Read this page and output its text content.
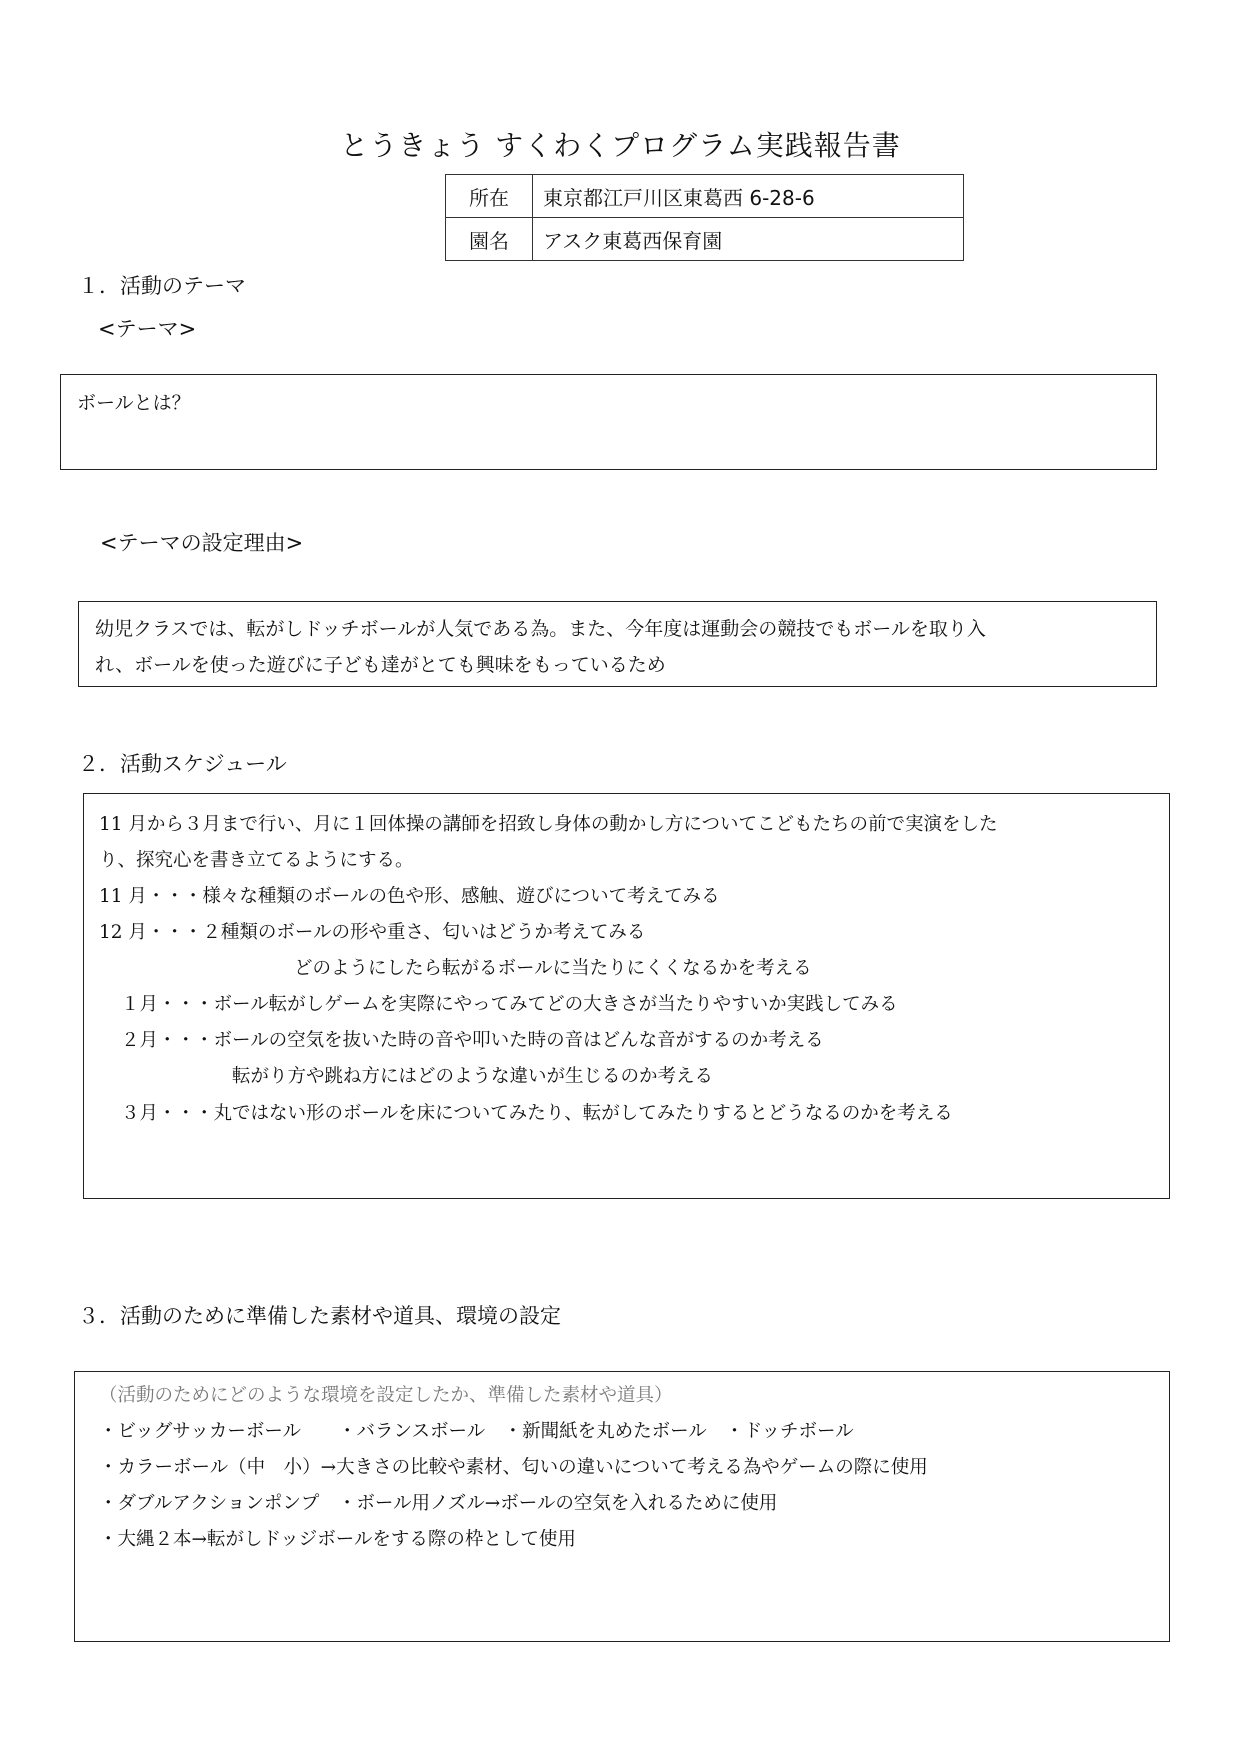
とうきょう すくわくプログラム実践報告書
所在	東京都江戸川区東葛西 6-28-6
園名	アスク東葛西保育園
１．活動のテーマ
<テーマ>
ボールとは？
<テーマの設定理由>
幼児クラスでは、転がしドッチボールが人気である為。また、今年度は運動会の競技でもボールを取り入
れ、ボールを使った遊びに子ども達がとても興味をもっているため
２．活動スケジュール
11 月から３月まで行い、月に１回体操の講師を招致し身体の動かし方についてこどもたちの前で実演をした
り、探究心を書き立てるようにする。
11 月・・・様々な種類のボールの色や形、感触、遊びについて考えてみる
12 月・・・２種類のボールの形や重さ、匂いはどうか考えてみる
どのようにしたら転がるボールに当たりにくくなるかを考える
１月・・・ボール転がしゲームを実際にやってみてどの大きさが当たりやすいか実践してみる
２月・・・ボールの空気を抜いた時の音や叩いた時の音はどんな音がするのか考える
転がり方や跳ね方にはどのような違いが生じるのか考える
３月・・・丸ではない形のボールを床についてみたり、転がしてみたりするとどうなるのかを考える
３．活動のために準備した素材や道具、環境の設定
（活動のためにどのような環境を設定したか、準備した素材や道具）
・ビッグサッカーボール　　・バランスボール　・新聞紙を丸めたボール　・ドッチボール
・カラーボール（中　小）→大きさの比較や素材、匂いの違いについて考える為やゲームの際に使用
・ダブルアクションポンプ　・ボール用ノズル→ボールの空気を入れるために使用
・大縄２本→転がしドッジボールをする際の枠として使用
